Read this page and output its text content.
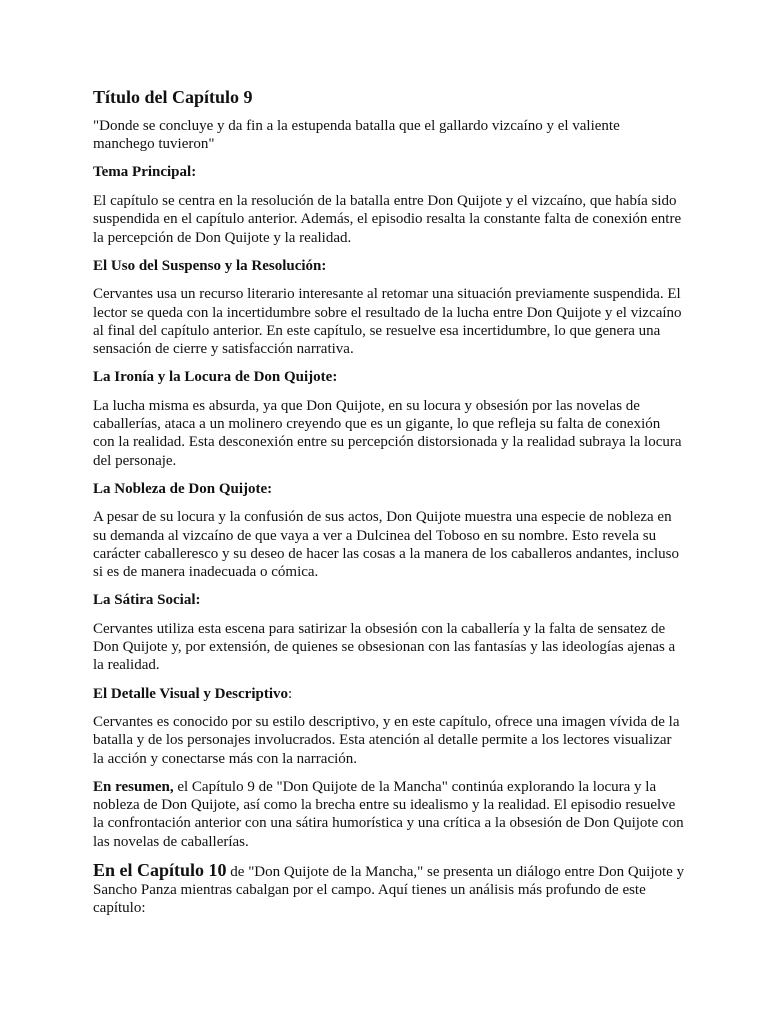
Título del Capítulo 9

"Donde se concluye y da fin a la estupenda batalla que el gallardo vizcaíno y el valiente manchego tuvieron"

Tema Principal:

El capítulo se centra en la resolución de la batalla entre Don Quijote y el vizcaíno, que había sido suspendida en el capítulo anterior. Además, el episodio resalta la constante falta de conexión entre la percepción de Don Quijote y la realidad.

El Uso del Suspenso y la Resolución:

Cervantes usa un recurso literario interesante al retomar una situación previamente suspendida. El lector se queda con la incertidumbre sobre el resultado de la lucha entre Don Quijote y el vizcaíno al final del capítulo anterior. En este capítulo, se resuelve esa incertidumbre, lo que genera una sensación de cierre y satisfacción narrativa.

La Ironía y la Locura de Don Quijote:

La lucha misma es absurda, ya que Don Quijote, en su locura y obsesión por las novelas de caballerías, ataca a un molinero creyendo que es un gigante, lo que refleja su falta de conexión con la realidad. Esta desconexión entre su percepción distorsionada y la realidad subraya la locura del personaje.

La Nobleza de Don Quijote:

A pesar de su locura y la confusión de sus actos, Don Quijote muestra una especie de nobleza en su demanda al vizcaíno de que vaya a ver a Dulcinea del Toboso en su nombre. Esto revela su carácter caballeresco y su deseo de hacer las cosas a la manera de los caballeros andantes, incluso si es de manera inadecuada o cómica.

La Sátira Social:

Cervantes utiliza esta escena para satirizar la obsesión con la caballería y la falta de sensatez de Don Quijote y, por extensión, de quienes se obsesionan con las fantasías y las ideologías ajenas a la realidad.

El Detalle Visual y Descriptivo:

Cervantes es conocido por su estilo descriptivo, y en este capítulo, ofrece una imagen vívida de la batalla y de los personajes involucrados. Esta atención al detalle permite a los lectores visualizar la acción y conectarse más con la narración.

En resumen, el Capítulo 9 de "Don Quijote de la Mancha" continúa explorando la locura y la nobleza de Don Quijote, así como la brecha entre su idealismo y la realidad. El episodio resuelve la confrontación anterior con una sátira humorística y una crítica a la obsesión de Don Quijote con las novelas de caballerías.

En el Capítulo 10 de "Don Quijote de la Mancha," se presenta un diálogo entre Don Quijote y Sancho Panza mientras cabalgan por el campo. Aquí tienes un análisis más profundo de este capítulo:
